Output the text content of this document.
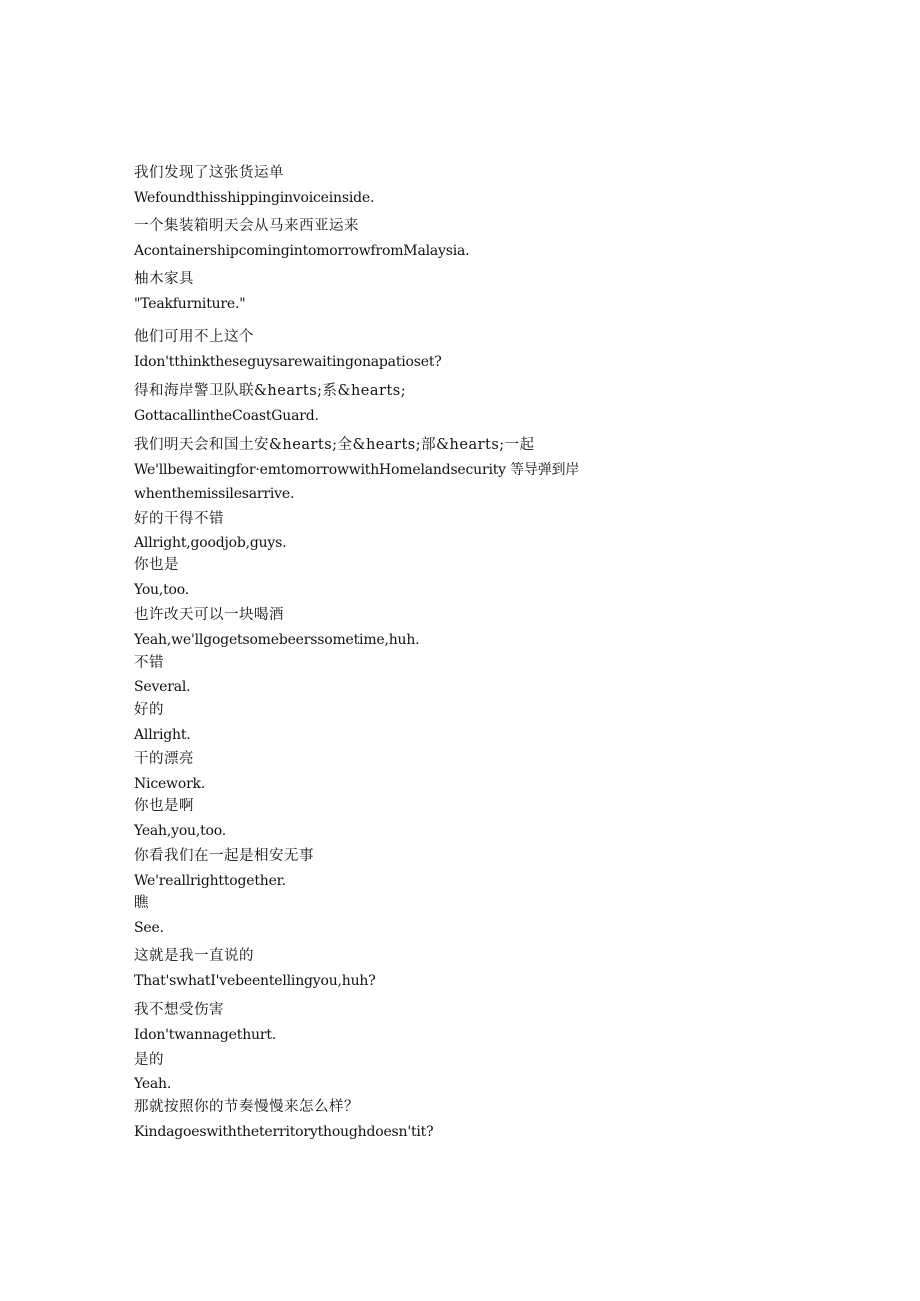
我们发现了这张货运单
Wefoundthisshippinginvoiceinside.
一个集装箱明天会从马来西亚运来
AcontainershipcomingintomorrowfromMalaysia.
柚木家具
"Teakfurniture."
他们可用不上这个
Idon'tthinktheseguysarewaitingonapatioset?
得和海岸警卫队联&hearts;系&hearts;
GottacallintheCoastGuard.
我们明天会和国土安&hearts;全&hearts;部&hearts;一起
We'llbewaitingfor·emtomorrowwithHomelandsecurity 等导弹到岸
whenthemissilesarrive.
好的干得不错
Allright,goodjob,guys.
你也是
You,too.
也许改天可以一块喝酒
Yeah,we'llgogetsomebeerssometime,huh.
不错
Several.
好的
Allright.
干的漂亮
Nicework.
你也是啊
Yeah,you,too.
你看我们在一起是相安无事
We'reallrighttogether.
瞧
See.
这就是我一直说的
That'swhatI'vebeentellingyou,huh?
我不想受伤害
Idon'twannagethurt.
是的
Yeah.
那就按照你的节奏慢慢来怎么样？
Kindagoeswiththeterritorythoughdoesn'tit?
